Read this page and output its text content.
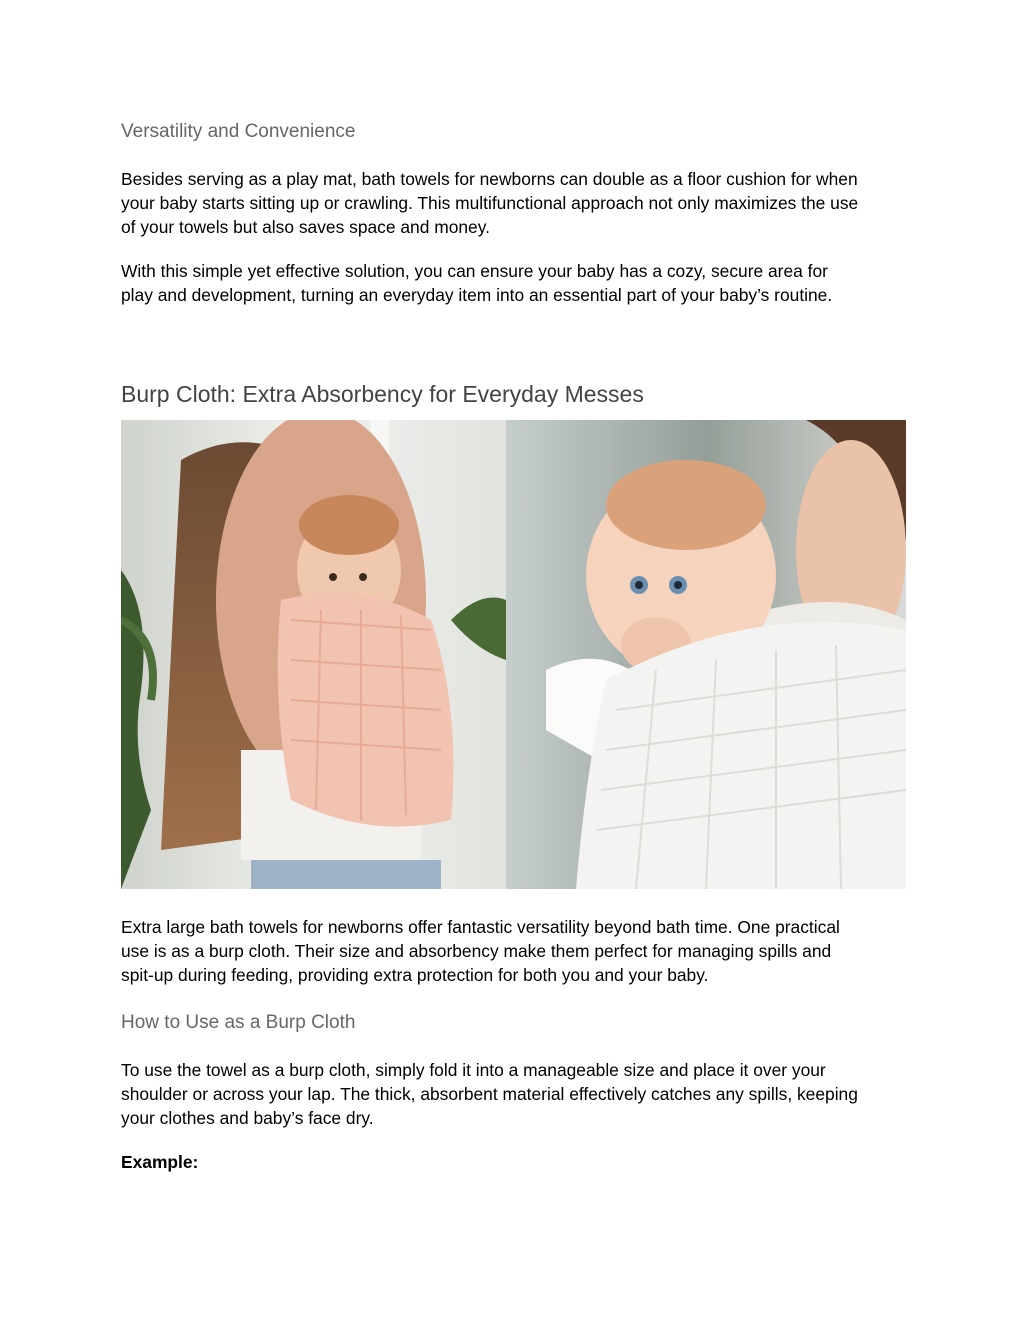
Versatility and Convenience

Besides serving as a play mat, bath towels for newborns can double as a floor cushion for when
your baby starts sitting up or crawling. This multifunctional approach not only maximizes the use
of your towels but also saves space and money.

With this simple yet effective solution, you can ensure your baby has a cozy, secure area for
play and development, turning an everyday item into an essential part of your baby’s routine.

Burp Cloth: Extra Absorbency for Everyday Messes

Extra large bath towels for newborns offer fantastic versatility beyond bath time. One practical
use is as a burp cloth. Their size and absorbency make them perfect for managing spills and
spit-up during feeding, providing extra protection for both you and your baby.

How to Use as a Burp Cloth

To use the towel as a burp cloth, simply fold it into a manageable size and place it over your
shoulder or across your lap. The thick, absorbent material effectively catches any spills, keeping
your clothes and baby’s face dry.

Example:
